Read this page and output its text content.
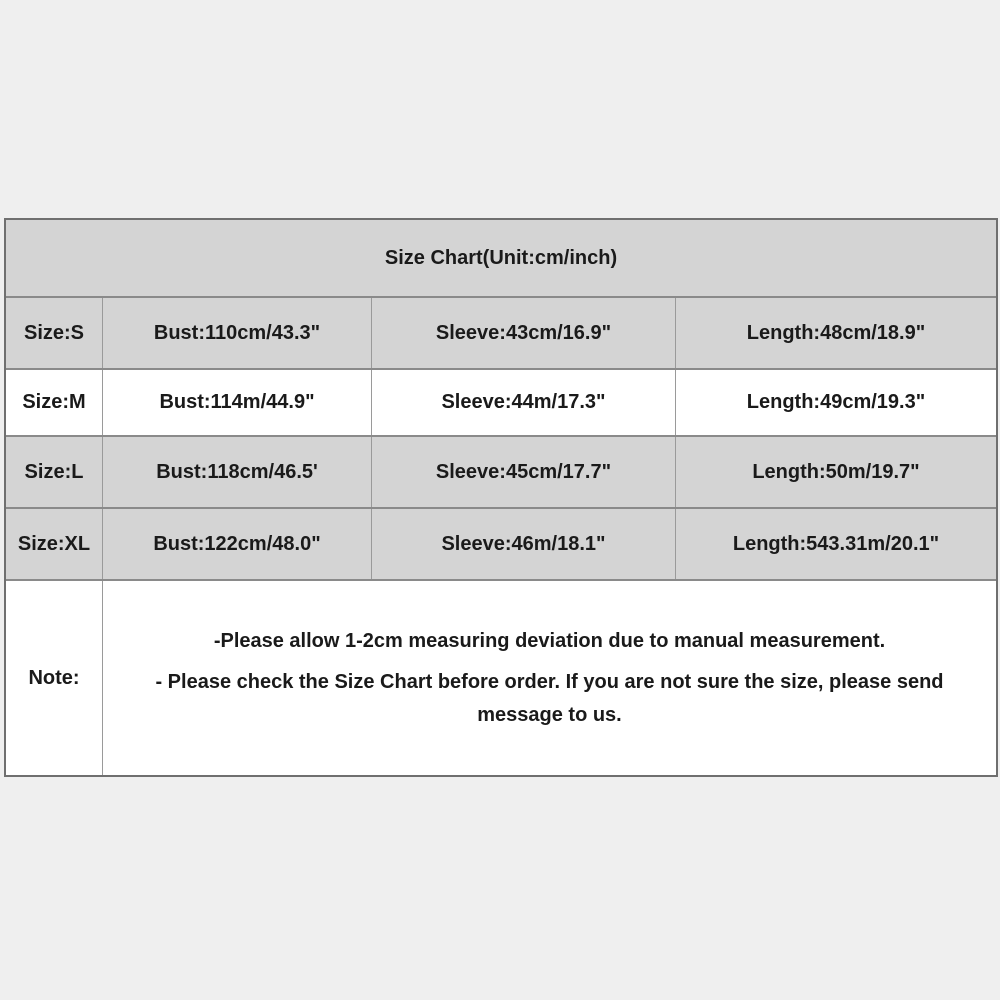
Size Chart(Unit:cm/inch)
Size:S	Bust:110cm/43.3"	Sleeve:43cm/16.9"	Length:48cm/18.9"
Size:M	Bust:114m/44.9"	Sleeve:44m/17.3"	Length:49cm/19.3"
Size:L	Bust:118cm/46.5'	Sleeve:45cm/17.7"	Length:50m/19.7"
Size:XL	Bust:122cm/48.0"	Sleeve:46m/18.1"	Length:543.31m/20.1"
Note:
-Please allow 1-2cm measuring deviation due to manual measurement.
- Please check the Size Chart before order. If you are not sure the size, please send message to us.
